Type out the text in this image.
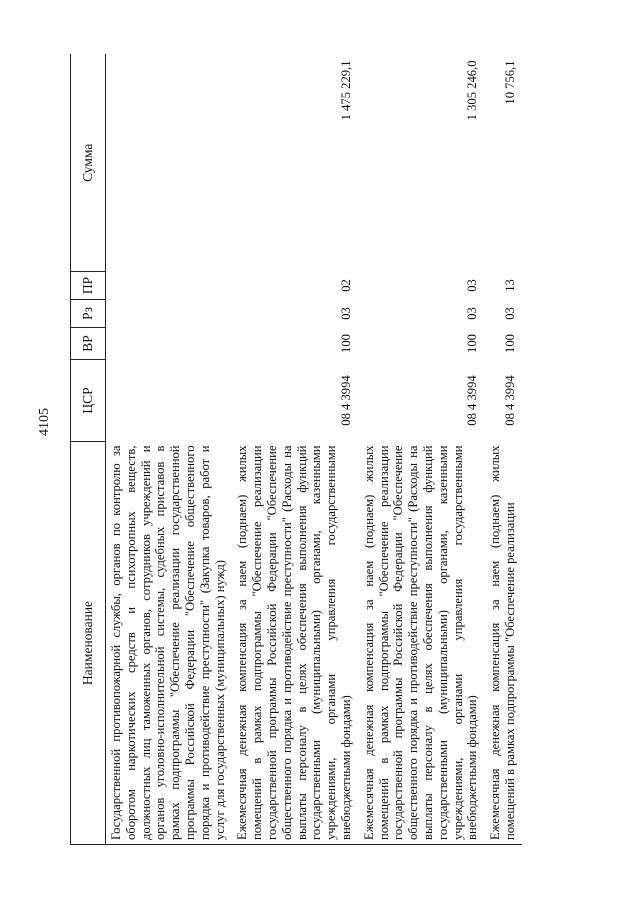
4105
Наименование	ЦСР	ВР	Рз	ПР	Сумма
Государственной противопожарной службы, органов по контролю за оборотом наркотических средств и психотропных веществ, должностных лиц таможенных органов, сотрудников учреждений и органов уголовно-исполнительной системы, судебных приставов в рамках подпрограммы "Обеспечение реализации государственной программы Российской Федерации "Обеспечение общественного порядка и противодействие преступности" (Закупка товаров, работ и услуг для государственных (муниципальных) нужд)					
Ежемесячная денежная компенсация за наем (поднаем) жилых помещений в рамках подпрограммы "Обеспечение реализации государственной программы Российской Федерации "Обеспечение общественного порядка и противодействие преступности" (Расходы на выплаты персоналу в целях обеспечения выполнения функций государственными (муниципальными) органами, казенными учреждениями, органами управления государственными внебюджетными фондами)	08 4 3994	100	03	02	1 475 229,1
Ежемесячная денежная компенсация за наем (поднаем) жилых помещений в рамках подпрограммы "Обеспечение реализации государственной программы Российской Федерации "Обеспечение общественного порядка и противодействие преступности" (Расходы на выплаты персоналу в целях обеспечения выполнения функций государственными (муниципальными) органами, казенными учреждениями, органами управления государственными внебюджетными фондами)	08 4 3994	100	03	03	1 305 246,0
Ежемесячная денежная компенсация за наем (поднаем) жилых помещений в рамках подпрограммы "Обеспечение реализации	08 4 3994	100	03	13	10 756,1
